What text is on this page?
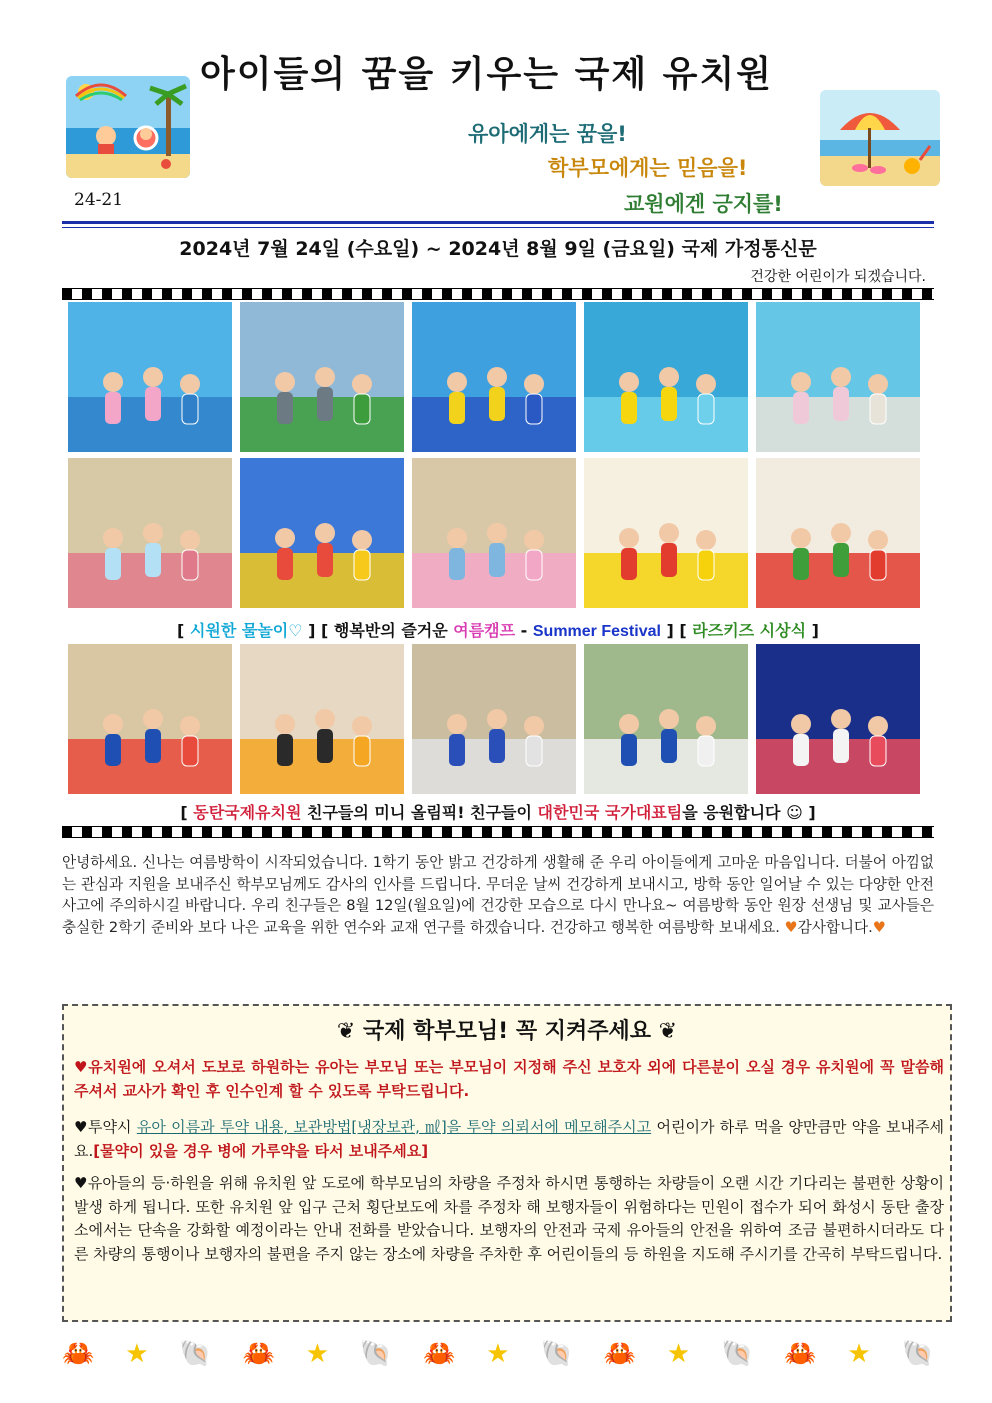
아이들의 꿈을 키우는 국제 유치원
유아에게는 꿈을!
학부모에게는 믿음을!
교원에겐 긍지를!
24-21
2024년 7월 24일 (수요일) ~ 2024년 8월 9일 (금요일) 국제 가정통신문
건강한 어린이가 되겠습니다.
[ 시원한 물놀이♡ ] [ 행복반의 즐거운 여름캠프 - Summer Festival ] [ 라즈키즈 시상식 ]
[ 동탄국제유치원 친구들의 미니 올림픽! 친구들이 대한민국 국가대표팀을 응원합니다 ☺ ]
안녕하세요. 신나는 여름방학이 시작되었습니다. 1학기 동안 밝고 건강하게 생활해 준 우리 아이들에게 고마운 마음입니다. 더불어 아낌없는 관심과 지원을 보내주신 학부모님께도 감사의 인사를 드립니다. 무더운 날씨 건강하게 보내시고, 방학 동안 일어날 수 있는 다양한 안전사고에 주의하시길 바랍니다. 우리 친구들은 8월 12일(월요일)에 건강한 모습으로 다시 만나요~ 여름방학 동안 원장 선생님 및 교사들은 충실한 2학기 준비와 보다 나은 교육을 위한 연수와 교재 연구를 하겠습니다. 건강하고 행복한 여름방학 보내세요. ♥감사합니다.♥
❦ 국제 학부모님! 꼭 지켜주세요 ❦
♥유치원에 오셔서 도보로 하원하는 유아는 부모님 또는 부모님이 지정해 주신 보호자 외에 다른분이 오실 경우 유치원에 꼭 말씀해 주셔서 교사가 확인 후 인수인계 할 수 있도록 부탁드립니다.
♥투약시 유아 이름과 투약 내용, 보관방법[냉장보관, ㎖]을 투약 의뢰서에 메모해주시고 어린이가 하루 먹을 양만큼만 약을 보내주세요.[물약이 있을 경우 병에 가루약을 타서 보내주세요]
♥유아들의 등·하원을 위해 유치원 앞 도로에 학부모님의 차량을 주정차 하시면 통행하는 차량들이 오랜 시간 기다리는 불편한 상황이 발생 하게 됩니다. 또한 유치원 앞 입구 근처 횡단보도에 차를 주정차 해 보행자들이 위험하다는 민원이 접수가 되어 화성시 동탄 출장소에서는 단속을 강화할 예정이라는 안내 전화를 받았습니다. 보행자의 안전과 국제 유아들의 안전을 위하여 조금 불편하시더라도 다른 차량의 통행이나 보행자의 불편을 주지 않는 장소에 차량을 주차한 후 어린이들의 등 하원을 지도해 주시기를 간곡히 부탁드립니다.
🦀 ★ 🐚 🦀 ★ 🐚 🦀 ★ 🐚 🦀 ★ 🐚 🦀 ★ 🐚
